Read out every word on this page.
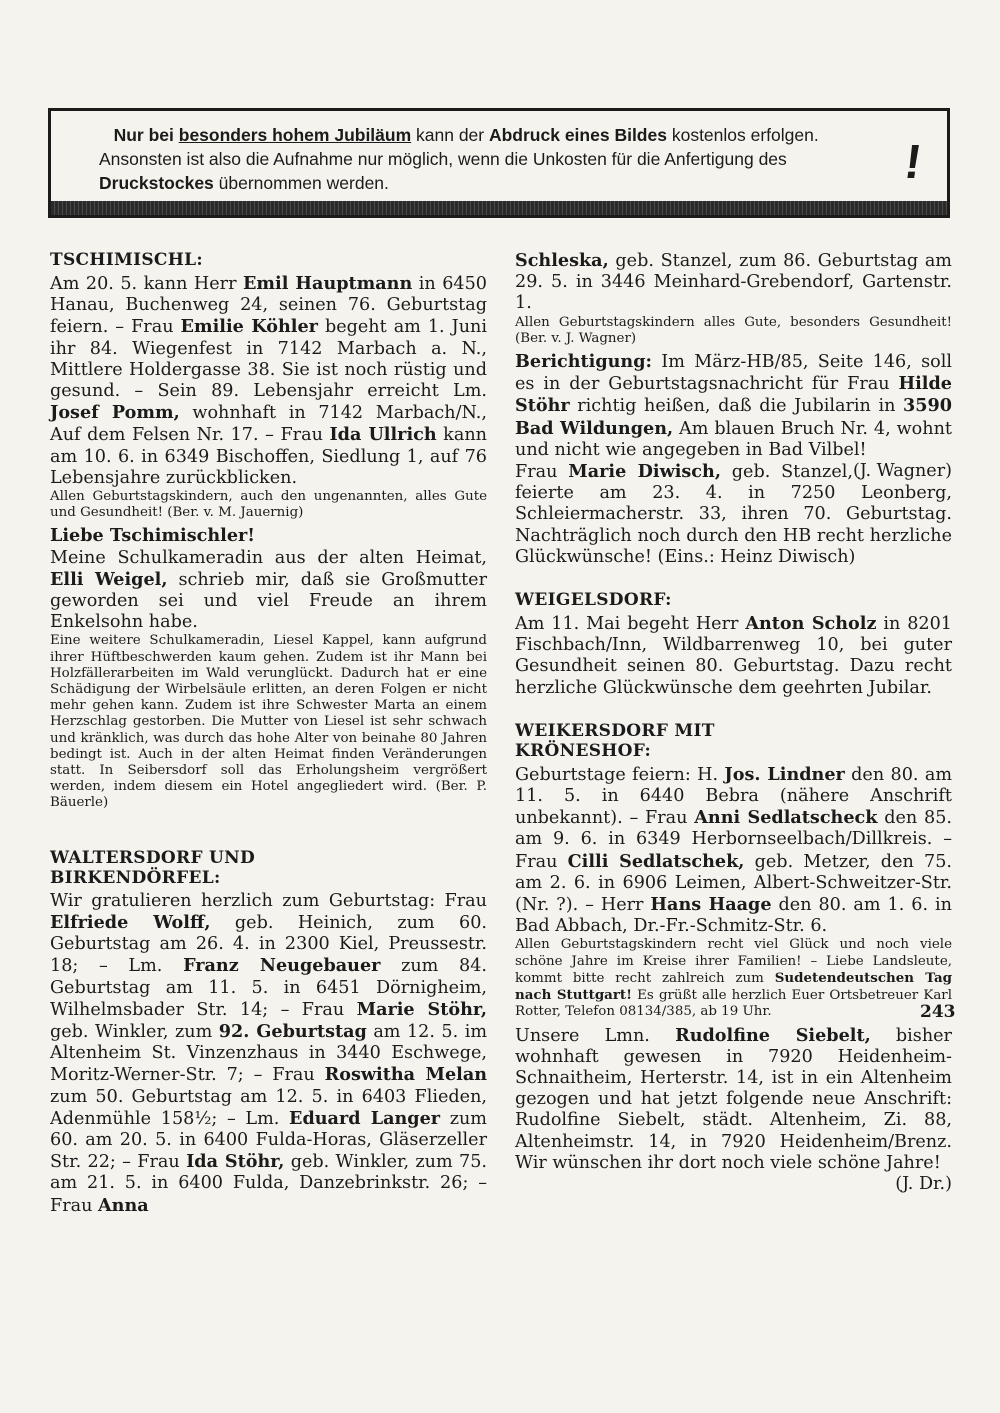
Nur bei besonders hohem Jubiläum kann der Abdruck eines Bildes kostenlos erfolgen. Ansonsten ist also die Aufnahme nur möglich, wenn die Unkosten für die Anfertigung des Druckstockes übernommen werden.	!
TSCHIMISCHL:

Am 20. 5. kann Herr Emil Hauptmann in 6450 Hanau, Buchenweg 24, seinen 76. Geburtstag feiern. – Frau Emilie Köhler begeht am 1. Juni ihr 84. Wiegenfest in 7142 Marbach a. N., Mittlere Holdergasse 38. Sie ist noch rüstig und gesund. – Sein 89. Lebensjahr erreicht Lm. Josef Pomm, wohnhaft in 7142 Marbach/N., Auf dem Felsen Nr. 17. – Frau Ida Ullrich kann am 10. 6. in 6349 Bischoffen, Siedlung 1, auf 76 Lebensjahre zurückblicken.

Allen Geburtstagskindern, auch den ungenannten, alles Gute und Gesundheit! (Ber. v. M. Jauernig)

Liebe Tschimischler!

Meine Schulkameradin aus der alten Heimat, Elli Weigel, schrieb mir, daß sie Großmutter geworden sei und viel Freude an ihrem Enkelsohn habe.

Eine weitere Schulkameradin, Liesel Kappel, kann aufgrund ihrer Hüftbeschwerden kaum gehen. Zudem ist ihr Mann bei Holzfällerarbeiten im Wald verunglückt. Dadurch hat er eine Schädigung der Wirbelsäule erlitten, an deren Folgen er nicht mehr gehen kann. Zudem ist ihre Schwester Marta an einem Herzschlag gestorben. Die Mutter von Liesel ist sehr schwach und kränklich, was durch das hohe Alter von beinahe 80 Jahren bedingt ist. Auch in der alten Heimat finden Veränderungen statt. In Seibersdorf soll das Erholungsheim vergrößert werden, indem diesem ein Hotel angegliedert wird. (Ber. P. Bäuerle)

WALTERSDORF UND
BIRKENDÖRFEL:

Wir gratulieren herzlich zum Geburtstag: Frau Elfriede Wolff, geb. Heinich, zum 60. Geburtstag am 26. 4. in 2300 Kiel, Preussestr. 18; – Lm. Franz Neugebauer zum 84. Geburtstag am 11. 5. in 6451 Dörnigheim, Wilhelmsbader Str. 14; – Frau Marie Stöhr, geb. Winkler, zum 92. Geburtstag am 12. 5. im Altenheim St. Vinzenzhaus in 3440 Eschwege, Moritz-Werner-Str. 7; – Frau Roswitha Melan zum 50. Geburtstag am 12. 5. in 6403 Flieden, Adenmühle 158½; – Lm. Eduard Langer zum 60. am 20. 5. in 6400 Fulda-Horas, Gläserzeller Str. 22; – Frau Ida Stöhr, geb. Winkler, zum 75. am 21. 5. in 6400 Fulda, Danzebrinkstr. 26; – Frau Anna

Schleska, geb. Stanzel, zum 86. Geburtstag am 29. 5. in 3446 Meinhard-Grebendorf, Gartenstr. 1.

Allen Geburtstagskindern alles Gute, besonders Gesundheit! (Ber. v. J. Wagner)

Berichtigung: Im März-HB/85, Seite 146, soll es in der Geburtstagsnachricht für Frau Hilde Stöhr richtig heißen, daß die Jubilarin in 3590 Bad Wildungen, Am blauen Bruch Nr. 4, wohnt und nicht wie angegeben in Bad Vilbel!
(J. Wagner)

Frau Marie Diwisch, geb. Stanzel, feierte am 23. 4. in 7250 Leonberg, Schleiermacherstr. 33, ihren 70. Geburtstag. Nachträglich noch durch den HB recht herzliche Glückwünsche! (Eins.: Heinz Diwisch)

WEIGELSDORF:

Am 11. Mai begeht Herr Anton Scholz in 8201 Fischbach/Inn, Wildbarrenweg 10, bei guter Gesundheit seinen 80. Geburtstag. Dazu recht herzliche Glückwünsche dem geehrten Jubilar.

WEIKERSDORF MIT
KRÖNESHOF:

Geburtstage feiern: H. Jos. Lindner den 80. am 11. 5. in 6440 Bebra (nähere Anschrift unbekannt). – Frau Anni Sedlatscheck den 85. am 9. 6. in 6349 Herbornseelbach/Dillkreis. – Frau Cilli Sedlatschek, geb. Metzer, den 75. am 2. 6. in 6906 Leimen, Albert-Schweitzer-Str. (Nr. ?). – Herr Hans Haage den 80. am 1. 6. in Bad Abbach, Dr.-Fr.-Schmitz-Str. 6.

Allen Geburtstagskindern recht viel Glück und noch viele schöne Jahre im Kreise ihrer Familien! – Liebe Landsleute, kommt bitte recht zahlreich zum Sudetendeutschen Tag nach Stuttgart! Es grüßt alle herzlich Euer Ortsbetreuer Karl Rotter, Telefon 08134/385, ab 19 Uhr.

Unsere Lmn. Rudolfine Siebelt, bisher wohnhaft gewesen in 7920 Heidenheim-Schnaitheim, Herterstr. 14, ist in ein Altenheim gezogen und hat jetzt folgende neue Anschrift: Rudolfine Siebelt, städt. Altenheim, Zi. 88, Altenheimstr. 14, in 7920 Heidenheim/Brenz. Wir wünschen ihr dort noch viele schöne Jahre!
(J. Dr.)

243
